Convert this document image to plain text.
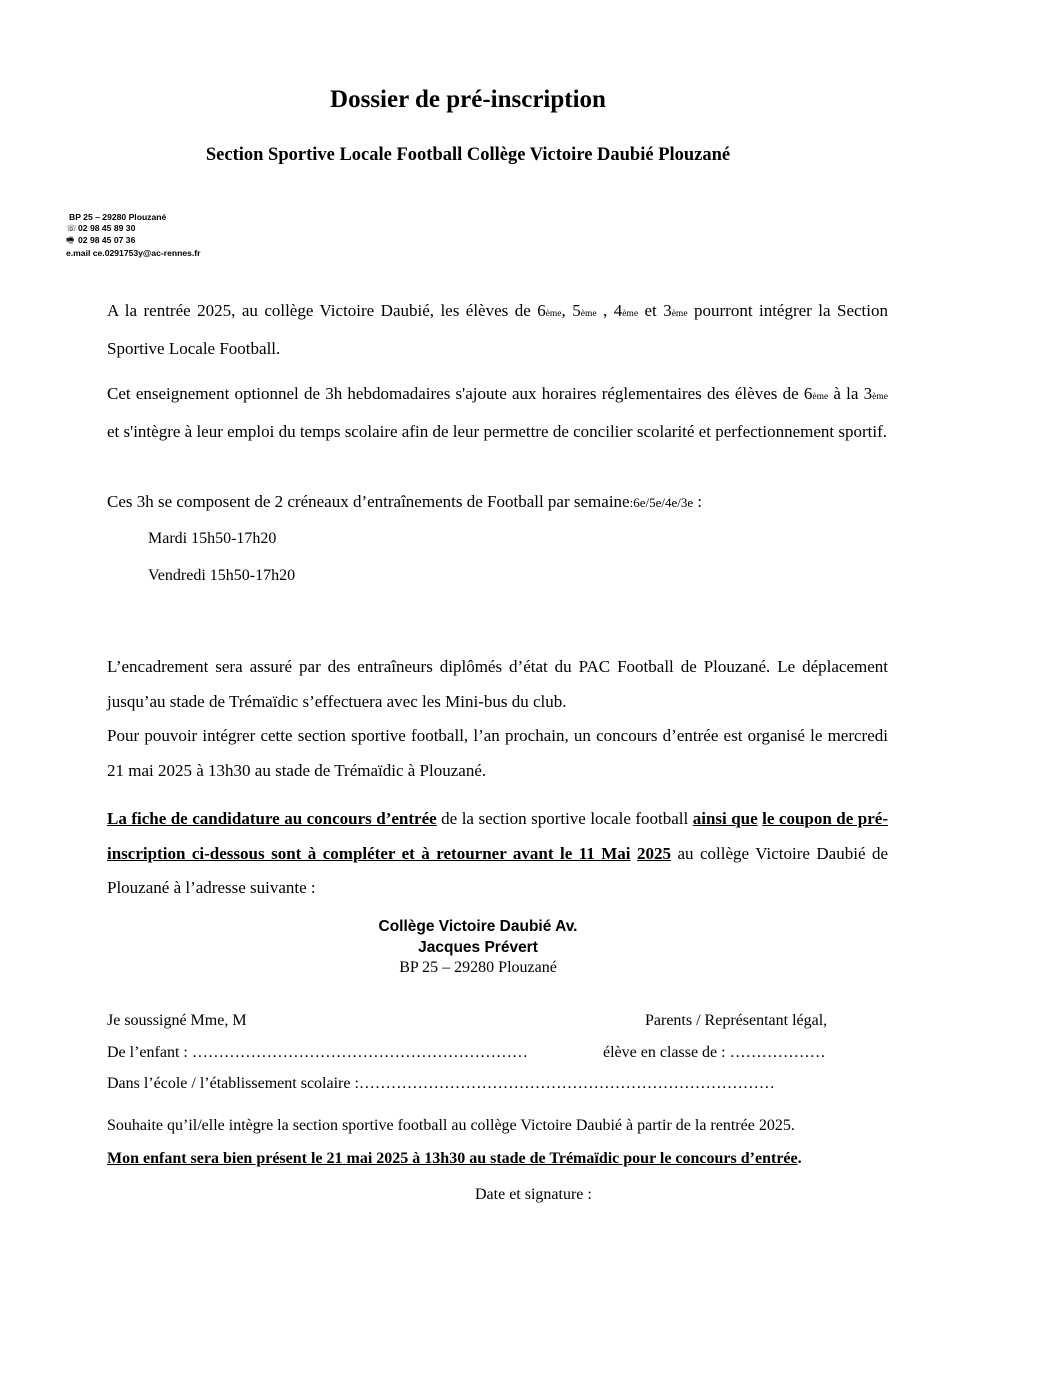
Dossier de pré-inscription
Section Sportive Locale Football Collège Victoire Daubié Plouzané
BP 25 – 29280 Plouzané
☏02 98 45 89 30
🖷 02 98 45 07 36
e.mail ce.0291753y@ac-rennes.fr
A la rentrée 2025, au collège Victoire Daubié, les élèves de 6ème, 5ème , 4ème et 3ème pourront intégrer la Section Sportive Locale Football.
Cet enseignement optionnel de 3h hebdomadaires s'ajoute aux horaires réglementaires des élèves de 6ème à la 3ème et s'intègre à leur emploi du temps scolaire afin de leur permettre de concilier scolarité et perfectionnement sportif.
Ces 3h se composent de 2 créneaux d’entraînements de Football par semaine:6e/5e/4e/3e :
Mardi 15h50-17h20
Vendredi 15h50-17h20
L’encadrement sera assuré par des entraîneurs diplômés d’état du PAC Football de Plouzané. Le déplacement jusqu’au stade de Trémaïdic s’effectuera avec les Mini-bus du club.
Pour pouvoir intégrer cette section sportive football, l’an prochain, un concours d’entrée est organisé le mercredi 21 mai 2025 à 13h30 au stade de Trémaïdic à Plouzané.
La fiche de candidature au concours d’entrée de la section sportive locale football ainsi que le coupon de pré-inscription ci-dessous sont à compléter et à retourner avant le 11 Mai 2025 au collège Victoire Daubié de Plouzané à l’adresse suivante :
Collège Victoire Daubié Av.
Jacques Prévert
BP 25 – 29280 Plouzané
Je soussigné Mme, M	Parents / Représentant légal,
De l’enfant : ………………………………………………………	élève en classe de : ………………
Dans l’école / l’établissement scolaire :……………………………………………………………………
Souhaite qu’il/elle intègre la section sportive football au collège Victoire Daubié à partir de la rentrée 2025.
Mon enfant sera bien présent le 21 mai 2025 à 13h30 au stade de Trémaïdic pour le concours d’entrée.
Date et signature :
